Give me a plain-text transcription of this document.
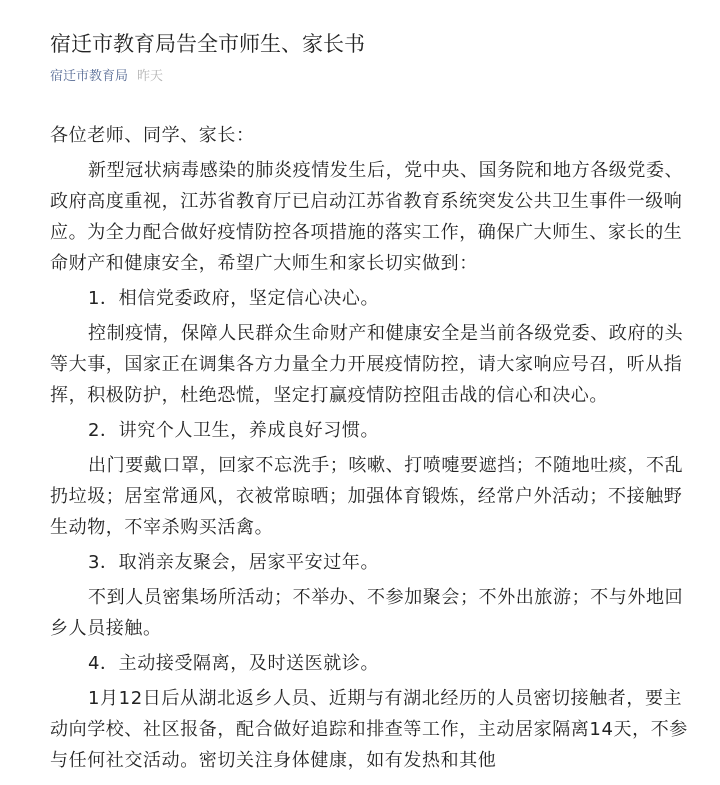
宿迁市教育局告全市师生、家长书
宿迁市教育局 昨天

各位老师、同学、家长：

新型冠状病毒感染的肺炎疫情发生后，党中央、国务院和地方各级党委、政府高度重视，江苏省教育厅已启动江苏省教育系统突发公共卫生事件一级响应。为全力配合做好疫情防控各项措施的落实工作，确保广大师生、家长的生命财产和健康安全，希望广大师生和家长切实做到：

1．相信党委政府，坚定信心决心。

控制疫情，保障人民群众生命财产和健康安全是当前各级党委、政府的头等大事，国家正在调集各方力量全力开展疫情防控，请大家响应号召，听从指挥，积极防护，杜绝恐慌，坚定打赢疫情防控阻击战的信心和决心。

2．讲究个人卫生，养成良好习惯。

出门要戴口罩，回家不忘洗手；咳嗽、打喷嚏要遮挡；不随地吐痰，不乱扔垃圾；居室常通风，衣被常晾晒；加强体育锻炼，经常户外活动；不接触野生动物，不宰杀购买活禽。

3．取消亲友聚会，居家平安过年。

不到人员密集场所活动；不举办、不参加聚会；不外出旅游；不与外地回乡人员接触。

4．主动接受隔离，及时送医就诊。

1月12日后从湖北返乡人员、近期与有湖北经历的人员密切接触者，要主动向学校、社区报备，配合做好追踪和排查等工作，主动居家隔离14天，不参与任何社交活动。密切关注身体健康，如有发热和其他
